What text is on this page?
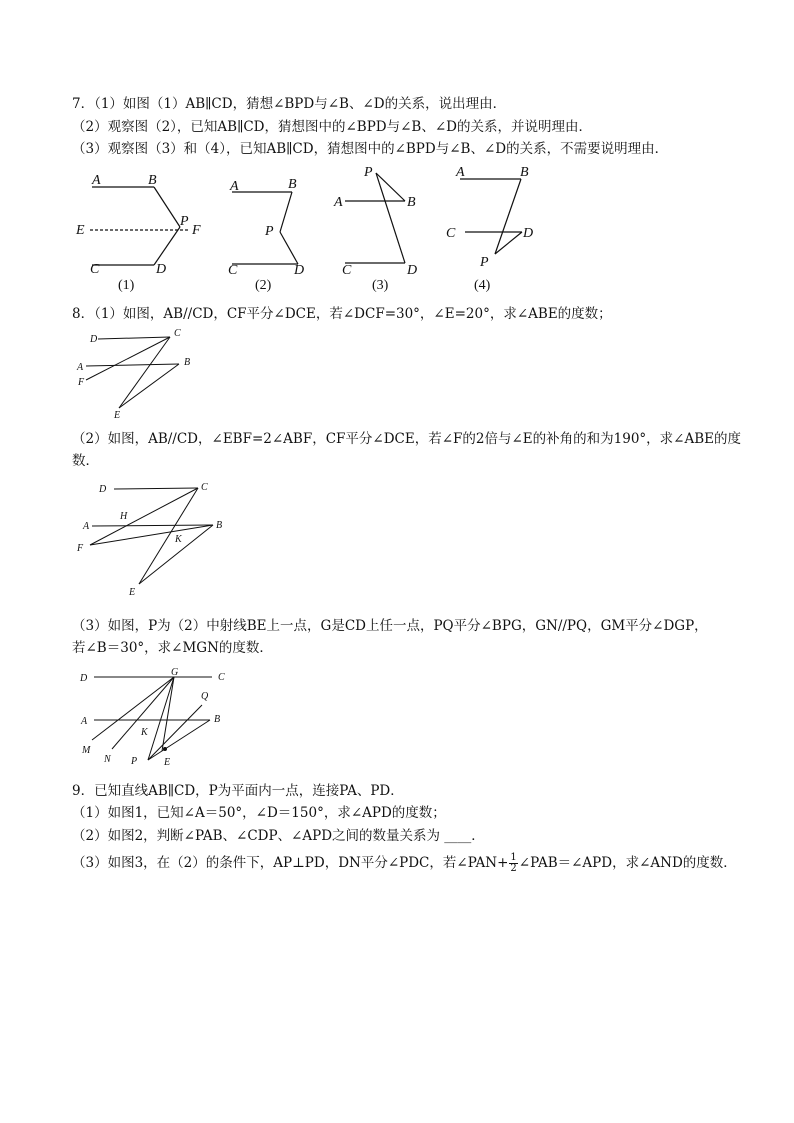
7．（1）如图（1）AB∥CD，猜想∠BPD与∠B、∠D的关系，说出理由．
（2）观察图（2），已知AB∥CD，猜想图中的∠BPD与∠B、∠D的关系，并说明理由．
（3）观察图（3）和（4），已知AB∥CD，猜想图中的∠BPD与∠B、∠D的关系，不需要说明理由．
A	B
E
P
F
C	D
(1)
A	B
P
C	D
(2)
P
A	B
C	D
(3)
A	B
C	D
P
(4)
8．（1）如图，AB//CD，CF平分∠DCE，若∠DCF=30°，∠E=20°，求∠ABE的度数；
D
C
A	B
F
E
（2）如图，AB//CD，∠EBF=2∠ABF，CF平分∠DCE，若∠F的2倍与∠E的补角的和为190°，求∠ABE的度
数．
D	C
H
A	B
F
K
E
（3）如图，P为（2）中射线BE上一点，G是CD上任一点，PQ平分∠BPG，GN//PQ，GM平分∠DGP，
若∠B＝30°，求∠MGN的度数．
D
G	C
Q
A	B
K
M
N P	E
9．已知直线AB∥CD，P为平面内一点，连接PA、PD．
（1）如图1，已知∠A＝50°，∠D＝150°，求∠APD的度数；
（2）如图2，判断∠PAB、∠CDP、∠APD之间的数量关系为 ____．
（3）如图3，在（2）的条件下，AP⊥PD，DN平分∠PDC，若∠PAN+ $\frac{1}{2}$ ∠PAB＝∠APD，求∠AND的度数．
